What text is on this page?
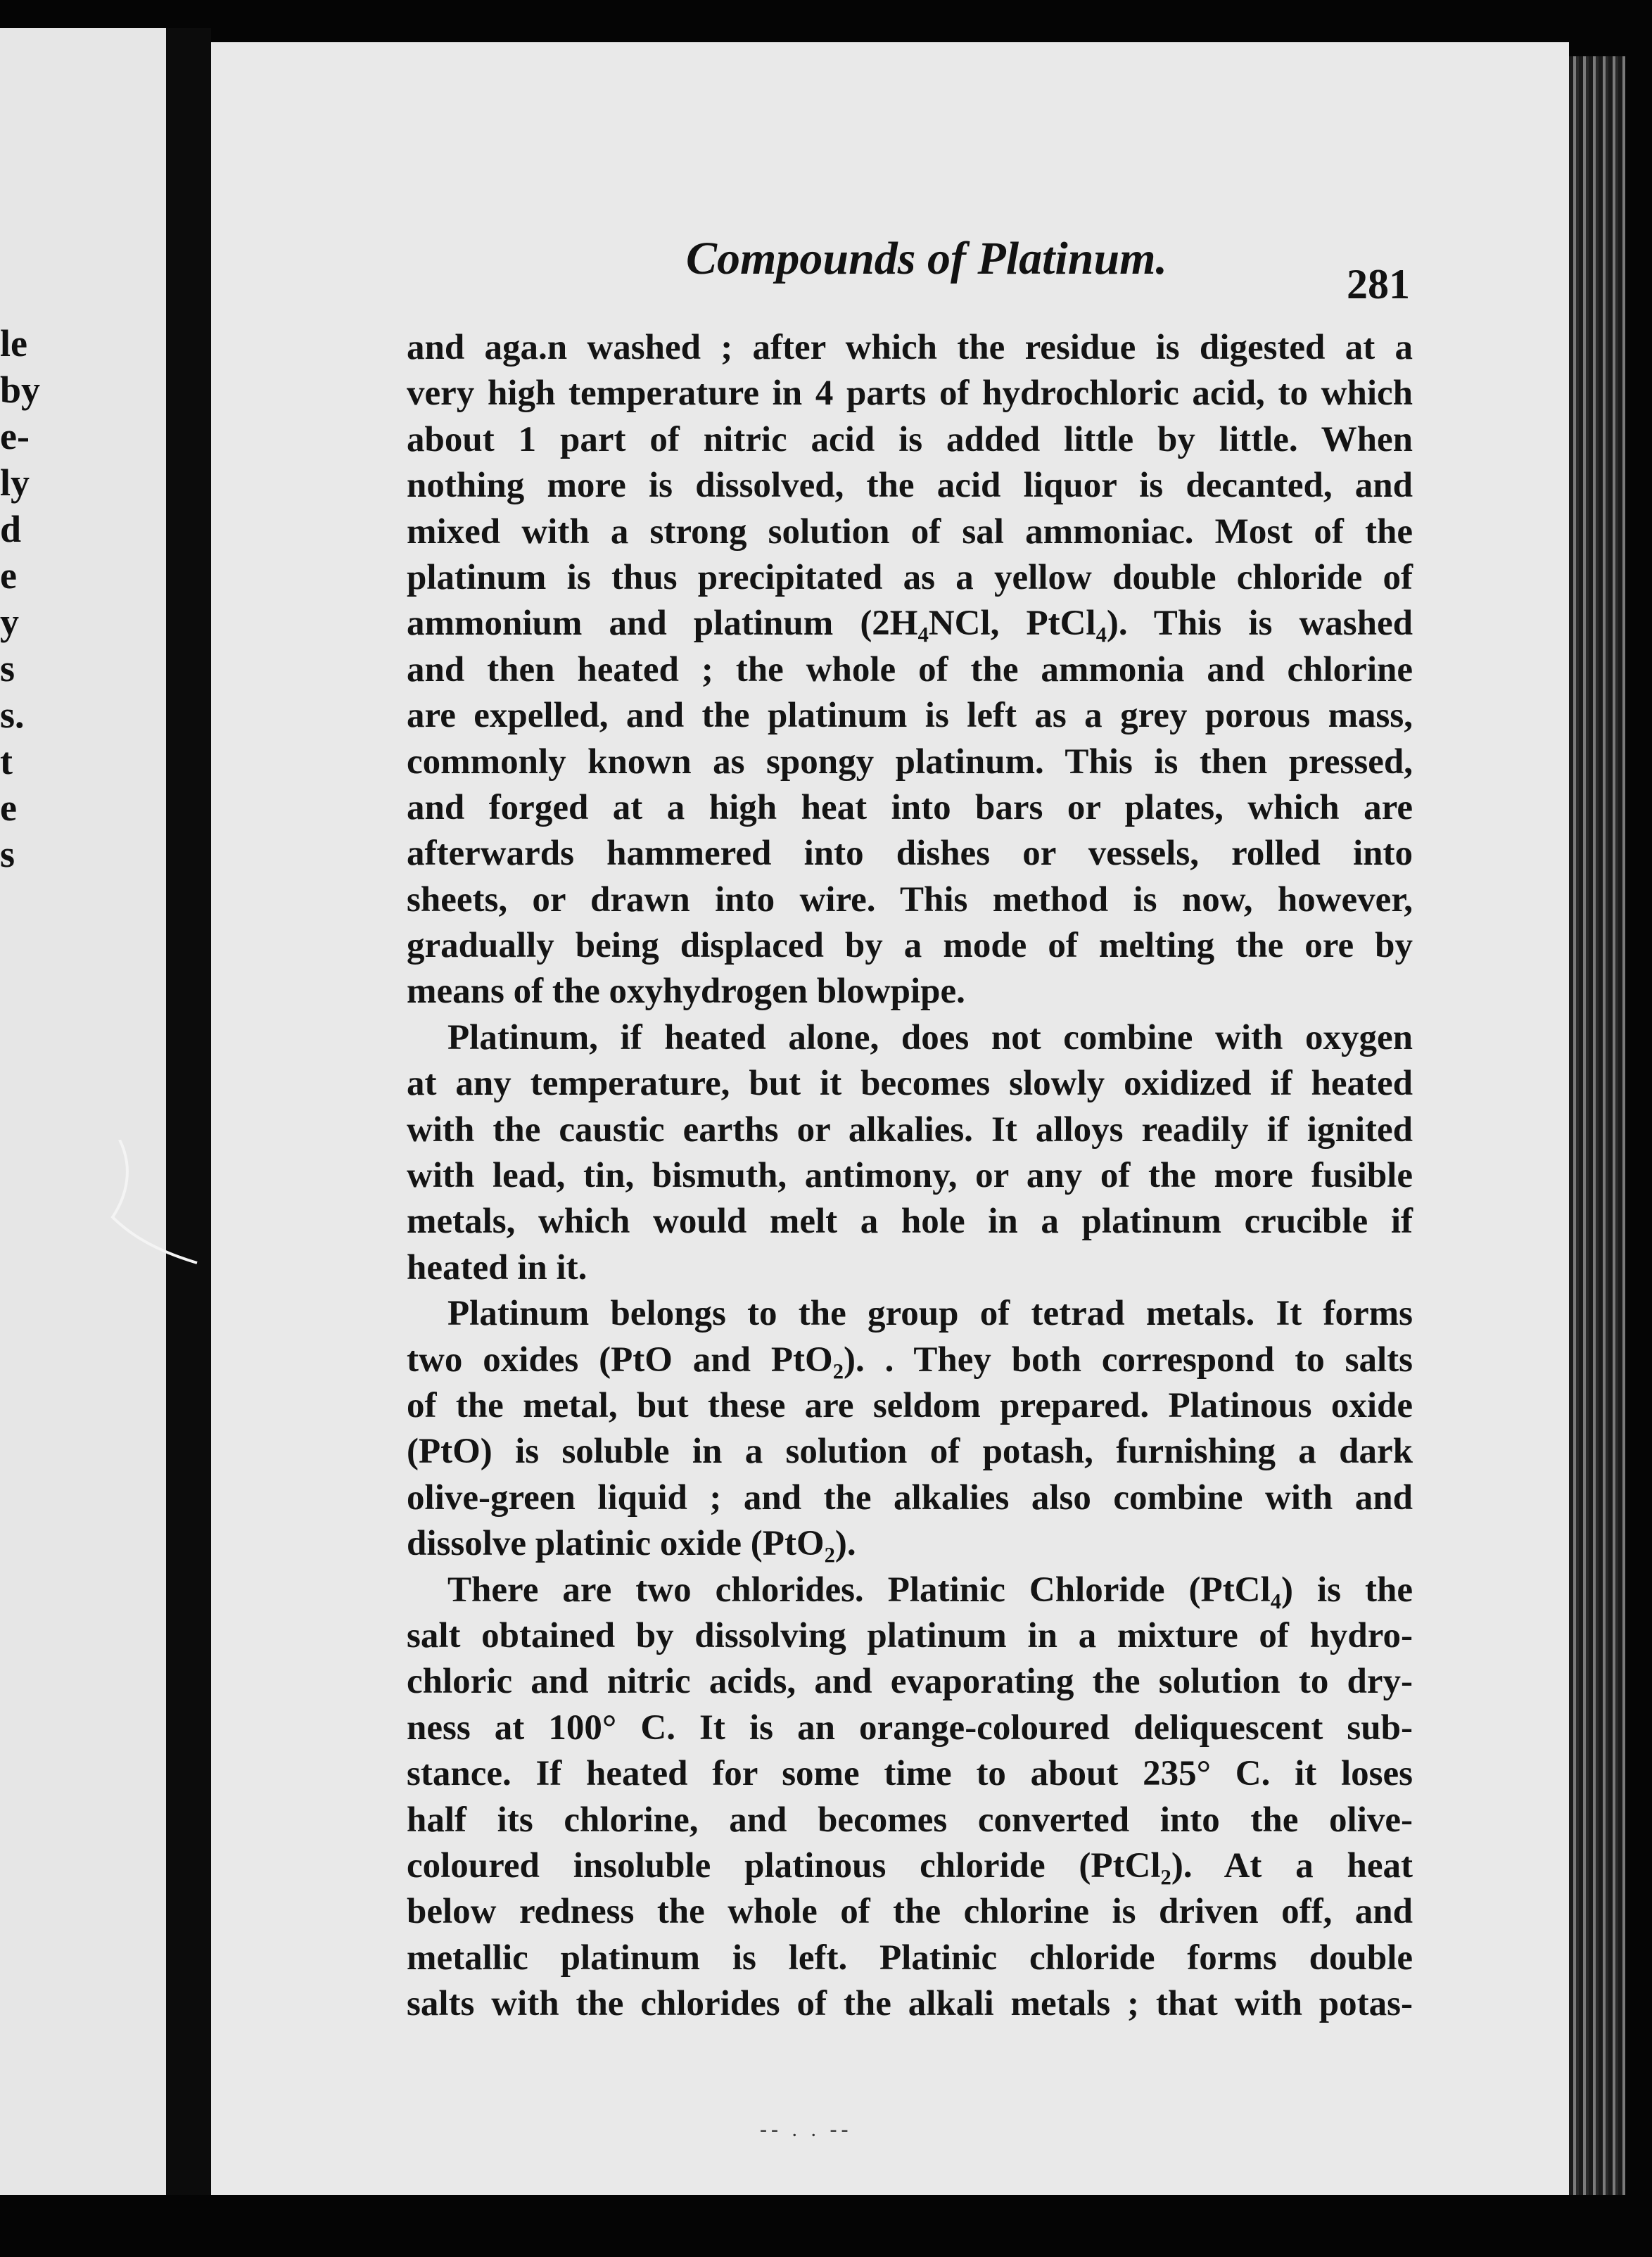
le
by
e-
ly
d
e
y
s
s.
t
e
s
Compounds of Platinum.	281
and aga.n washed ; after which the residue is digested at a
very high temperature in 4 parts of hydrochloric acid, to which
about 1 part of nitric acid is added little by little. When
nothing more is dissolved, the acid liquor is decanted, and
mixed with a strong solution of sal ammoniac. Most of the
platinum is thus precipitated as a yellow double chloride of
ammonium and platinum (2H₄NCl, PtCl₄). This is washed
and then heated ; the whole of the ammonia and chlorine
are expelled, and the platinum is left as a grey porous mass,
commonly known as spongy platinum. This is then pressed,
and forged at a high heat into bars or plates, which are
afterwards hammered into dishes or vessels, rolled into
sheets, or drawn into wire. This method is now, however,
gradually being displaced by a mode of melting the ore by
means of the oxyhydrogen blowpipe.
Platinum, if heated alone, does not combine with oxygen
at any temperature, but it becomes slowly oxidized if heated
with the caustic earths or alkalies. It alloys readily if ignited
with lead, tin, bismuth, antimony, or any of the more fusible
metals, which would melt a hole in a platinum crucible if
heated in it.
Platinum belongs to the group of tetrad metals. It forms
two oxides (PtO and PtO₂). . They both correspond to salts
of the metal, but these are seldom prepared. Platinous oxide
(PtO) is soluble in a solution of potash, furnishing a dark
olive-green liquid ; and the alkalies also combine with and
dissolve platinic oxide (PtO₂).
There are two chlorides. Platinic Chloride (PtCl₄) is the
salt obtained by dissolving platinum in a mixture of hydro-
chloric and nitric acids, and evaporating the solution to dry-
ness at 100° C. It is an orange-coloured deliquescent sub-
stance. If heated for some time to about 235° C. it loses
half its chlorine, and becomes converted into the olive-
coloured insoluble platinous chloride (PtCl₂). At a heat
below redness the whole of the chlorine is driven off, and
metallic platinum is left. Platinic chloride forms double
salts with the chlorides of the alkali metals ; that with potas-
-- . . --
